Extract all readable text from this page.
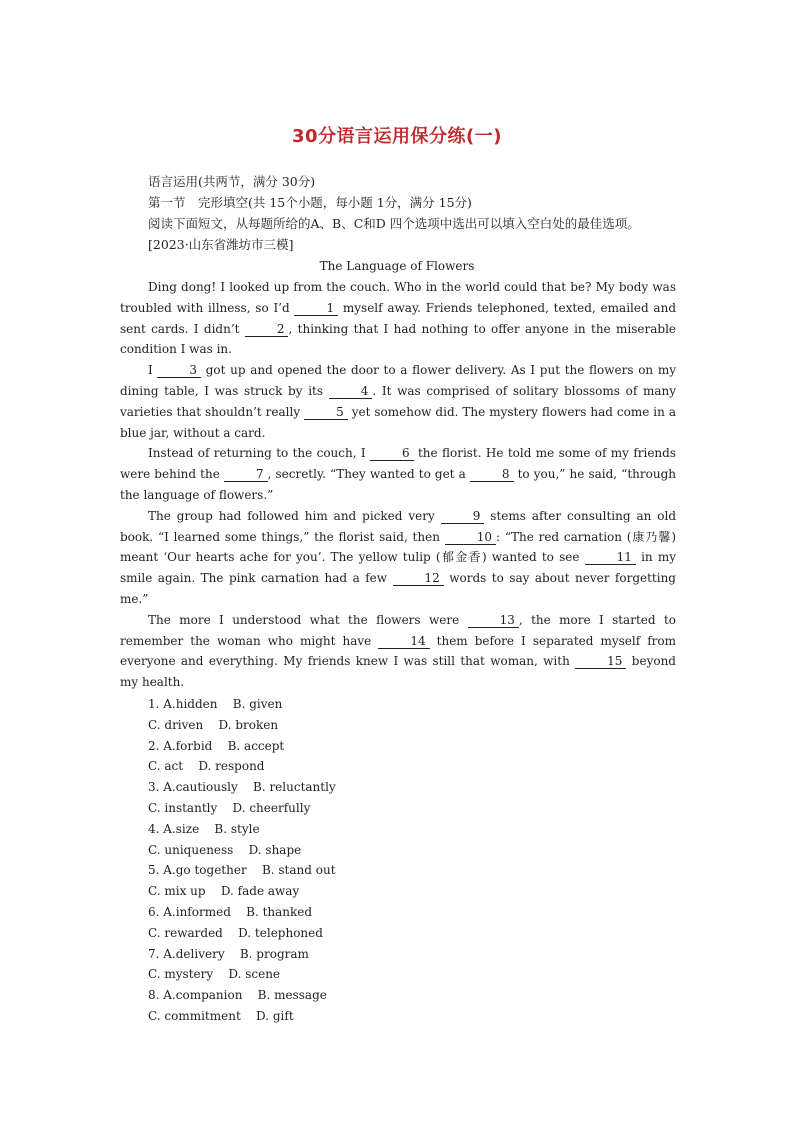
30分语言运用保分练(一)
语言运用(共两节，满分 30分)
第一节　完形填空(共 15个小题，每小题 1分，满分 15分)
阅读下面短文，从每题所给的A、B、C和D 四个选项中选出可以填入空白处的最佳选项。
[2023·山东省潍坊市三模]
The Language of Flowers

Ding dong! I looked up from the couch. Who in the world could that be? My body was troubled with illness, so I’d	1 myself away. Friends telephoned, texted, emailed and sent cards. I didn’t	2 , thinking that I had nothing to offer anyone in the miserable condition I was in.

I	3 got up and opened the door to a flower delivery. As I put the flowers on my dining table, I was struck by its	4 . It was comprised of solitary blossoms of many varieties that shouldn’t really	5 yet somehow did. The mystery flowers had come in a blue jar, without a card.

Instead of returning to the couch, I	6 the florist. He told me some of my friends were behind the	7 , secretly. “They wanted to get a	8 to you,” he said, “through the language of flowers.”

The group had followed him and picked very	9 stems after consulting an old book. “I learned some things,” the florist said, then	10 : “The red carnation (康乃馨) meant ‘Our hearts ache for you’. The yellow tulip (郁金香) wanted to see	11 in my smile again. The pink carnation had a few	12 words to say about never forgetting me.”

The more I understood what the flowers were	13 , the more I started to remember the woman who might have	14 them before I separated myself from everyone and everything. My friends knew I was still that woman, with	15 beyond my health.

1. A.hidden    B. given
C. driven    D. broken
2. A.forbid    B. accept
C. act    D. respond
3. A.cautiously    B. reluctantly
C. instantly    D. cheerfully
4. A.size    B. style
C. uniqueness    D. shape
5. A.go together    B. stand out
C. mix up    D. fade away
6. A.informed    B. thanked
C. rewarded    D. telephoned
7. A.delivery    B. program
C. mystery    D. scene
8. A.companion    B. message
C. commitment    D. gift
